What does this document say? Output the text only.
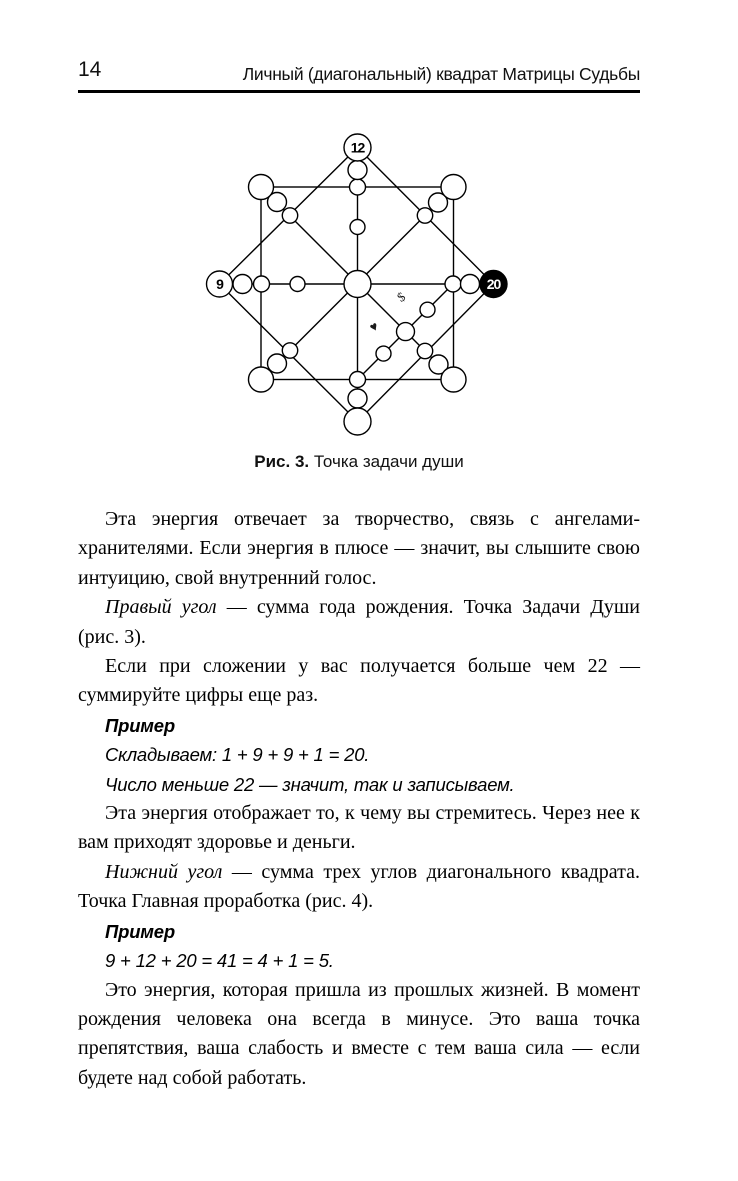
14	Личный (диагональный) квадрат Матрицы Судьбы
12
9	20
$
♥
Рис. 3. Точка задачи души

Эта энергия отвечает за творчество, связь с ангелами-хранителями. Если энергия в плюсе — значит, вы слышите свою интуицию, свой внутренний голос.

Правый угол — сумма года рождения. Точка Задачи Души (рис. 3).

Если при сложении у вас получается больше чем 22 — суммируйте цифры еще раз.

Пример

Складываем: 1 + 9 + 9 + 1 = 20.

Число меньше 22 — значит, так и записываем.

Эта энергия отображает то, к чему вы стремитесь. Через нее к вам приходят здоровье и деньги.

Нижний угол — сумма трех углов диагонального квадрата. Точка Главная проработка (рис. 4).

Пример

9 + 12 + 20 = 41 = 4 + 1 = 5.

Это энергия, которая пришла из прошлых жизней. В момент рождения человека она всегда в минусе. Это ваша точка препятствия, ваша слабость и вместе с тем ваша сила — если будете над собой работать.
